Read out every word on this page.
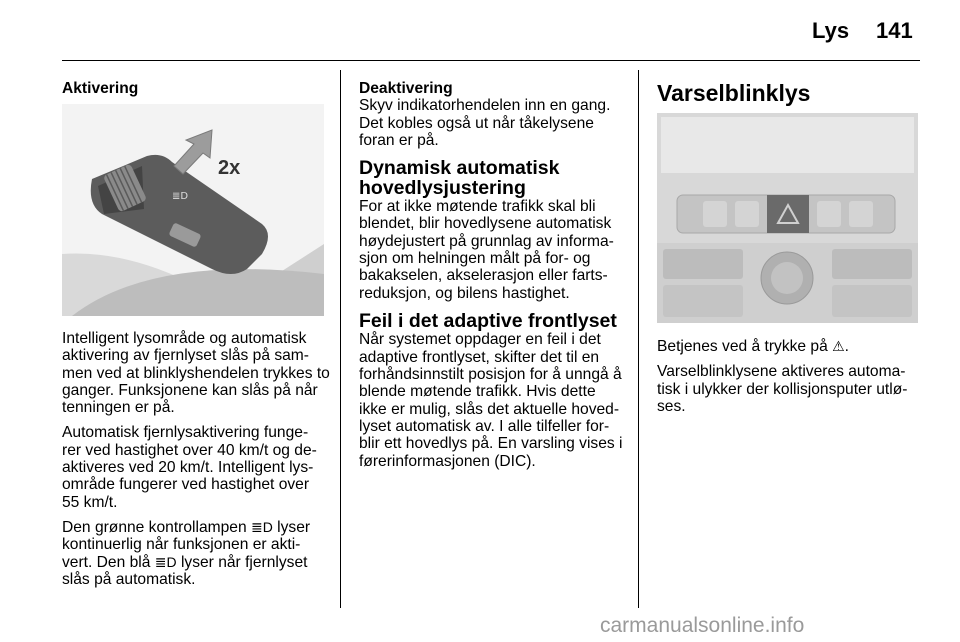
Lys 141
Aktivering
≣D
2x

Intelligent lysområde og automatisk aktivering av fjernlyset slås på sam- men ved at blinklyshendelen trykkes to ganger. Funksjonene kan slås på når tenningen er på.

Automatisk fjernlysaktivering funge- rer ved hastighet over 40 km/t og de- aktiveres ved 20 km/t. Intelligent lys- område fungerer ved hastighet over 55 km/t.

Den grønne kontrollampen ≣D lyser kontinuerlig når funksjonen er akti- vert. Den blå ≣D lyser når fjernlyset slås på automatisk.

Deaktivering

Skyv indikatorhendelen inn en gang. Det kobles også ut når tåkelysene foran er på.

Dynamisk automatisk hovedlysjustering

For at ikke møtende trafikk skal bli blendet, blir hovedlysene automatisk høydejustert på grunnlag av informa- sjon om helningen målt på for- og bakakselen, akselerasjon eller farts- reduksjon, og bilens hastighet.

Feil i det adaptive frontlyset

Når systemet oppdager en feil i det adaptive frontlyset, skifter det til en forhåndsinnstilt posisjon for å unngå å blende møtende trafikk. Hvis dette ikke er mulig, slås det aktuelle hoved- lyset automatisk av. I alle tilfeller for- blir ett hovedlys på. En varsling vises i førerinformasjonen (DIC).

Varselblinklys

Betjenes ved å trykke på ⚠.

Varselblinklysene aktiveres automa- tisk i ulykker der kollisjonsputer utlø- ses.

carmanualsonline.info
